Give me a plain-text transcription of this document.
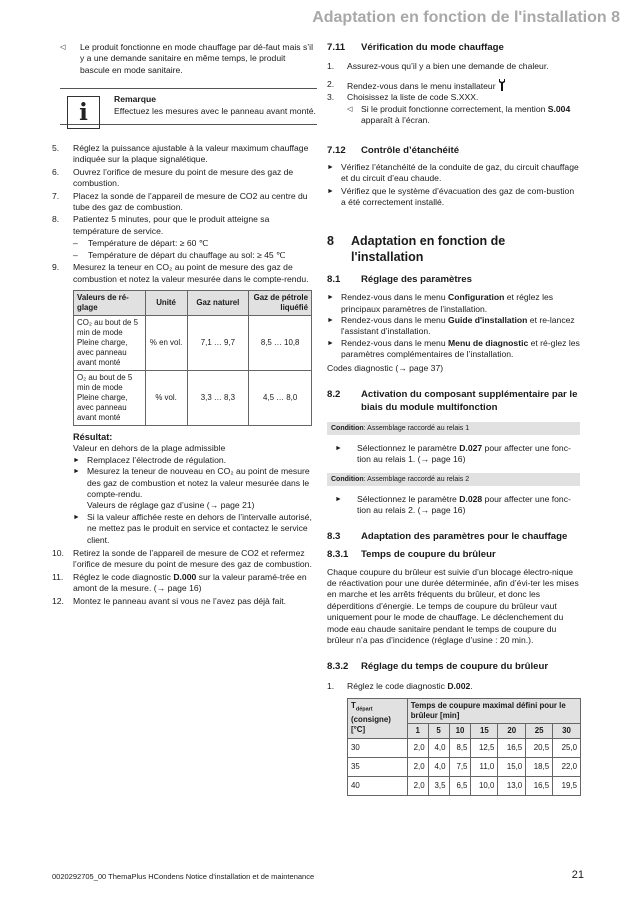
Adaptation en fonction de l'installation 8
◁ Le produit fonctionne en mode chauffage par dé-faut mais s’il y a une demande sanitaire en même temps, le produit bascule en mode sanitaire.
i	Remarque
Effectuez les mesures avec le panneau avant monté.
5. Réglez la puissance ajustable à la valeur maximum chauffage indiquée sur la plaque signalétique.
6. Ouvrez l’orifice de mesure du point de mesure des gaz de combustion.
7. Placez la sonde de l’appareil de mesure de CO2 au centre du tube des gaz de combustion.
8. Patientez 5 minutes, pour que le produit atteigne sa température de service.
– Température de départ: ≥ 60 ℃
– Température de départ du chauffage au sol: ≥ 45 ℃
9. Mesurez la teneur en CO₂ au point de mesure des gaz de combustion et notez la valeur mesurée dans le compte-rendu.
Valeurs de ré-glage	Unité	Gaz naturel	Gaz de pétrole liquéfié
CO₂ au bout de 5 min de mode Pleine charge, avec panneau avant monté	% en vol.	7,1 … 9,7	8,5 … 10,8
O₂ au bout de 5 min de mode Pleine charge, avec panneau avant monté	% vol.	3,3 … 8,3	4,5 … 8,0
Résultat:
Valeur en dehors de la plage admissible
► Remplacez l’électrode de régulation.
► Mesurez la teneur de nouveau en CO₂ au point de mesure des gaz de combustion et notez la valeur mesurée dans le compte-rendu.
Valeurs de réglage gaz d’usine (→ page 21)
► Si la valeur affichée reste en dehors de l’intervalle autorisé, ne mettez pas le produit en service et contactez le service client.
10. Retirez la sonde de l’appareil de mesure de CO2 et refermez l’orifice de mesure du point de mesure des gaz de combustion.
11. Réglez le code diagnostic D.000 sur la valeur paramé-trée en amont de la mesure. (→ page 16)
12. Montez le panneau avant si vous ne l’avez pas déjà fait.
7.11 Vérification du mode chauffage
1. Assurez-vous qu’il y a bien une demande de chaleur.
2. Rendez-vous dans le menu installateur
3. Choisissez la liste de code S.XXX.
◁ Si le produit fonctionne correctement, la mention S.004 apparaît à l’écran.
7.12 Contrôle d’étanchéité
► Vérifiez l’étanchéité de la conduite de gaz, du circuit chauffage et du circuit d’eau chaude.
► Vérifiez que le système d’évacuation des gaz de com-bustion a été correctement installé.
8 Adaptation en fonction de l'installation
8.1 Réglage des paramètres
► Rendez-vous dans le menu Configuration et réglez les principaux paramètres de l’installation.
► Rendez-vous dans le menu Guide d'installation et re-lancez l'assistant d’installation.
► Rendez-vous dans le menu Menu de diagnostic et ré-glez les paramètres complémentaires de l’installation.
Codes diagnostic (→ page 37)
8.2 Activation du composant supplémentaire par le biais du module multifonction
Condition: Assemblage raccordé au relais 1
► Sélectionnez le paramètre D.027 pour affecter une fonc-tion au relais 1. (→ page 16)
Condition: Assemblage raccordé au relais 2
► Sélectionnez le paramètre D.028 pour affecter une fonc-tion au relais 2. (→ page 16)
8.3 Adaptation des paramètres pour le chauffage
8.3.1 Temps de coupure du brûleur
Chaque coupure du brûleur est suivie d’un blocage électro-nique de réactivation pour une durée déterminée, afin d’évi-ter les mises en marche et les arrêts fréquents du brûleur, et donc les déperditions d’énergie. Le temps de coupure du brûleur vaut uniquement pour le mode de chauffage. Le déclenchement du mode eau chaude sanitaire pendant le temps de coupure du brûleur n’a pas d’incidence (réglage d’usine : 20 min.).
8.3.2 Réglage du temps de coupure du brûleur
1. Réglez le code diagnostic D.002.
$T_{départ}$
(consigne) [°C]	Temps de coupure maximal défini pour le brûleur [min]						
	1	5	10	15	20	25	30
30	2,0	4,0	8,5	12,5	16,5	20,5	25,0
35	2,0	4,0	7,5	11,0	15,0	18,5	22,0
40	2,0	3,5	6,5	10,0	13,0	16,5	19,5
0020292705_00 ThemaPlus HCondens Notice d’installation et de maintenance	21
